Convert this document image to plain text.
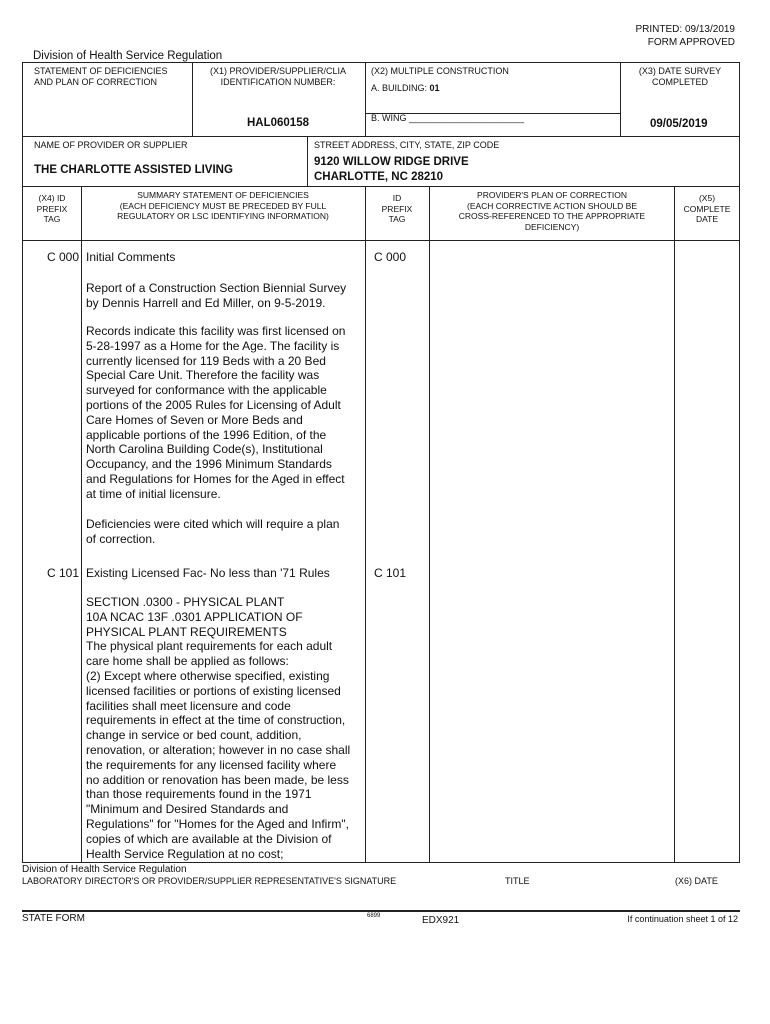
PRINTED: 09/13/2019
FORM APPROVED
Division of Health Service Regulation
STATEMENT OF DEFICIENCIES
AND PLAN OF CORRECTION
(X1) PROVIDER/SUPPLIER/CLIA
IDENTIFICATION NUMBER:
HAL060158
(X2) MULTIPLE CONSTRUCTION
A. BUILDING: 01
B. WING _______________________
(X3) DATE SURVEY
COMPLETED
09/05/2019
NAME OF PROVIDER OR SUPPLIER
THE CHARLOTTE ASSISTED LIVING
STREET ADDRESS, CITY, STATE, ZIP CODE
9120 WILLOW RIDGE DRIVE
CHARLOTTE, NC 28210
(X4) ID
PREFIX
TAG
SUMMARY STATEMENT OF DEFICIENCIES
(EACH DEFICIENCY MUST BE PRECEDED BY FULL
REGULATORY OR LSC IDENTIFYING INFORMATION)
ID
PREFIX
TAG
PROVIDER'S PLAN OF CORRECTION
(EACH CORRECTIVE ACTION SHOULD BE
CROSS-REFERENCED TO THE APPROPRIATE
DEFICIENCY)
(X5)
COMPLETE
DATE
C 000 Initial Comments	C 000
Report of a Construction Section Biennial Survey
by Dennis Harrell and Ed Miller, on 9-5-2019.
Records indicate this facility was first licensed on
5-28-1997 as a Home for the Age. The facility is
currently licensed for 119 Beds with a 20 Bed
Special Care Unit. Therefore the facility was
surveyed for conformance with the applicable
portions of the 2005 Rules for Licensing of Adult
Care Homes of Seven or More Beds and
applicable portions of the 1996 Edition, of the
North Carolina Building Code(s), Institutional
Occupancy, and the 1996 Minimum Standards
and Regulations for Homes for the Aged in effect
at time of initial licensure.
Deficiencies were cited which will require a plan
of correction.
C 101 Existing Licensed Fac- No less than '71 Rules	C 101
SECTION .0300 - PHYSICAL PLANT
10A NCAC 13F .0301 APPLICATION OF
PHYSICAL PLANT REQUIREMENTS
The physical plant requirements for each adult
care home shall be applied as follows:
(2) Except where otherwise specified, existing
licensed facilities or portions of existing licensed
facilities shall meet licensure and code
requirements in effect at the time of construction,
change in service or bed count, addition,
renovation, or alteration; however in no case shall
the requirements for any licensed facility where
no addition or renovation has been made, be less
than those requirements found in the 1971
"Minimum and Desired Standards and
Regulations" for "Homes for the Aged and Infirm",
copies of which are available at the Division of
Health Service Regulation at no cost;
Division of Health Service Regulation
LABORATORY DIRECTOR'S OR PROVIDER/SUPPLIER REPRESENTATIVE'S SIGNATURE	TITLE	(X6) DATE
STATE FORM	6899	EDX921	If continuation sheet 1 of 12
